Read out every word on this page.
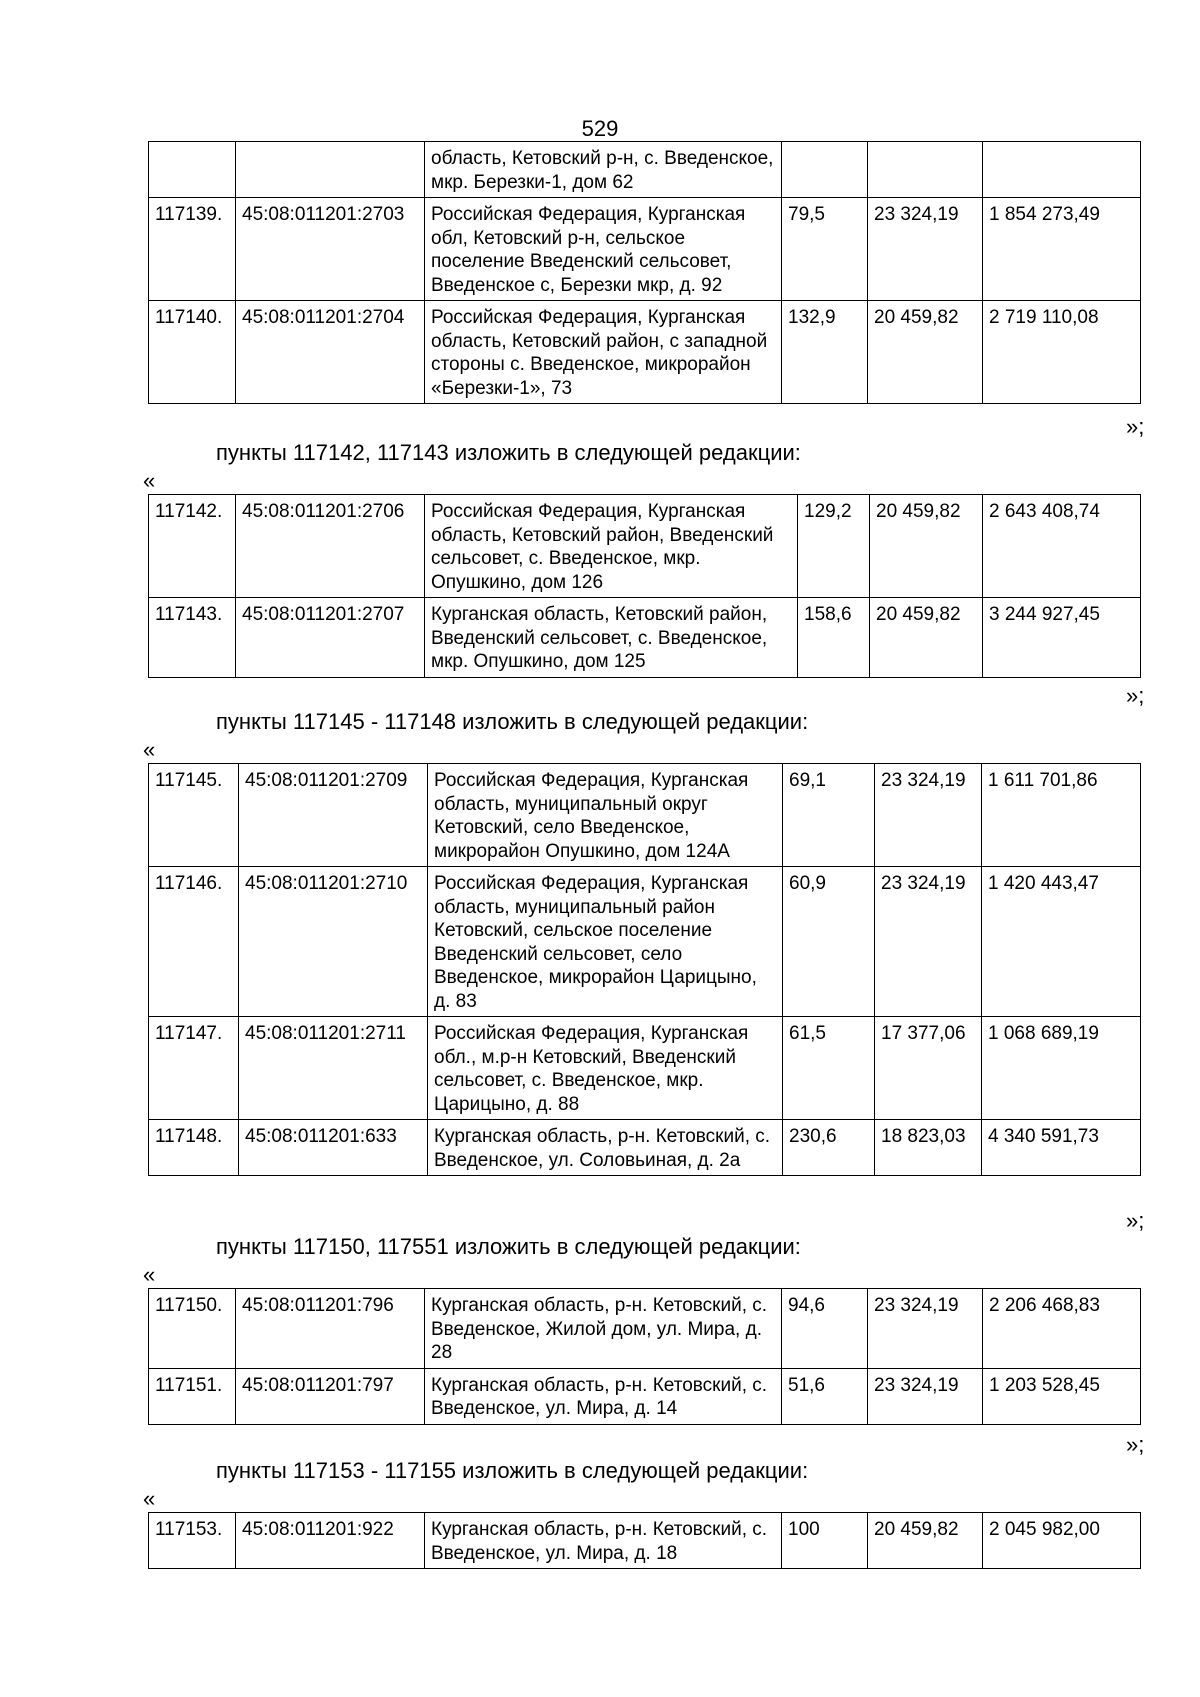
529
		область, Кетовский р-н, с. Введенское, мкр. Березки-1, дом 62			
117139.	45:08:011201:2703	Российская Федерация, Курганская обл, Кетовский р-н, сельское поселение Введенский сельсовет, Введенское с, Березки мкр, д. 92	79,5	23 324,19	1 854 273,49
117140.	45:08:011201:2704	Российская Федерация, Курганская область, Кетовский район, с западной стороны с. Введенское, микрорайон «Березки-1», 73	132,9	20 459,82	2 719 110,08
»;
пункты 117142, 117143 изложить в следующей редакции:
«
117142.	45:08:011201:2706	Российская Федерация, Курганская область, Кетовский район, Введенский сельсовет, с. Введенское, мкр. Опушкино, дом 126	129,2	20 459,82	2 643 408,74
117143.	45:08:011201:2707	Курганская область, Кетовский район, Введенский сельсовет, с. Введенское, мкр. Опушкино, дом 125	158,6	20 459,82	3 244 927,45
»;
пункты 117145 - 117148 изложить в следующей редакции:
«
117145.	45:08:011201:2709	Российская Федерация, Курганская область, муниципальный округ Кетовский, село Введенское, микрорайон Опушкино, дом 124А	69,1	23 324,19	1 611 701,86
117146.	45:08:011201:2710	Российская Федерация, Курганская область, муниципальный район Кетовский, сельское поселение Введенский сельсовет, село Введенское, микрорайон Царицыно, д. 83	60,9	23 324,19	1 420 443,47
117147.	45:08:011201:2711	Российская Федерация, Курганская обл., м.р-н Кетовский, Введенский сельсовет, с. Введенское, мкр. Царицыно, д. 88	61,5	17 377,06	1 068 689,19
117148.	45:08:011201:633	Курганская область, р-н. Кетовский, с. Введенское, ул. Соловьиная, д. 2а	230,6	18 823,03	4 340 591,73
»;
пункты 117150, 117551 изложить в следующей редакции:
«
117150.	45:08:011201:796	Курганская область, р-н. Кетовский, с. Введенское, Жилой дом, ул. Мира, д. 28	94,6	23 324,19	2 206 468,83
117151.	45:08:011201:797	Курганская область, р-н. Кетовский, с. Введенское, ул. Мира, д. 14	51,6	23 324,19	1 203 528,45
»;
пункты 117153 - 117155 изложить в следующей редакции:
«
117153.	45:08:011201:922	Курганская область, р-н. Кетовский, с. Введенское, ул. Мира, д. 18	100	20 459,82	2 045 982,00
